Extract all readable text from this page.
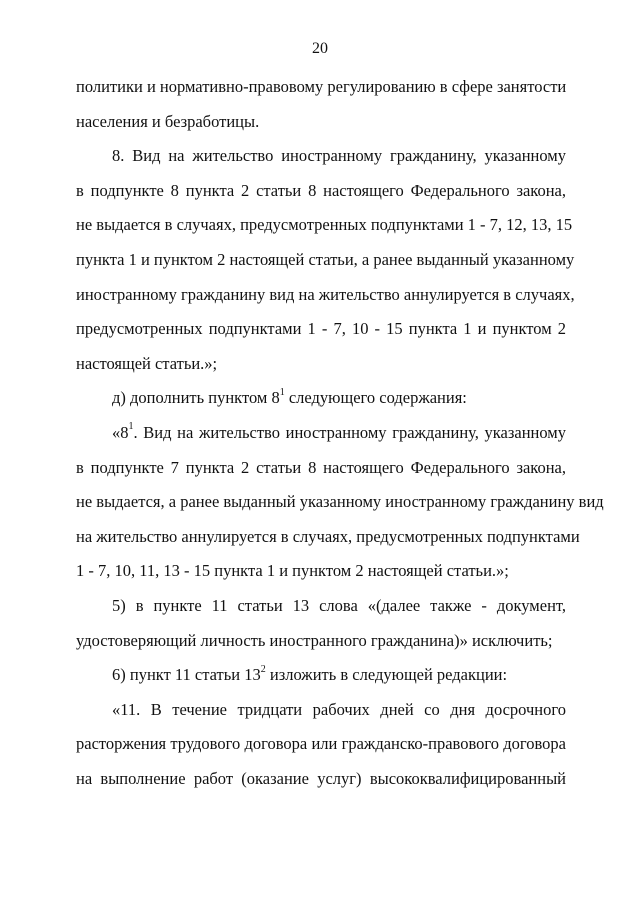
20
политики и нормативно-правовому регулированию в сфере занятости
населения и безработицы.
8. Вид на жительство иностранному гражданину, указанному
в подпункте 8 пункта 2 статьи 8 настоящего Федерального закона,
не выдается в случаях, предусмотренных подпунктами 1 - 7, 12, 13, 15
пункта 1 и пунктом 2 настоящей статьи, а ранее выданный указанному
иностранному гражданину вид на жительство аннулируется в случаях,
предусмотренных подпунктами 1 - 7, 10 - 15 пункта 1 и пунктом 2
настоящей статьи.»;
д) дополнить пунктом $8^1$ следующего содержания:
«$8^1$. Вид на жительство иностранному гражданину, указанному
в подпункте 7 пункта 2 статьи 8 настоящего Федерального закона,
не выдается, а ранее выданный указанному иностранному гражданину вид
на жительство аннулируется в случаях, предусмотренных подпунктами
1 - 7, 10, 11, 13 - 15 пункта 1 и пунктом 2 настоящей статьи.»;
5) в пункте 11 статьи 13 слова «(далее также - документ,
удостоверяющий личность иностранного гражданина)» исключить;
6) пункт 11 статьи $13^2$ изложить в следующей редакции:
«11. В течение тридцати рабочих дней со дня досрочного
расторжения трудового договора или гражданско-правового договора
на выполнение работ (оказание услуг) высококвалифицированный
